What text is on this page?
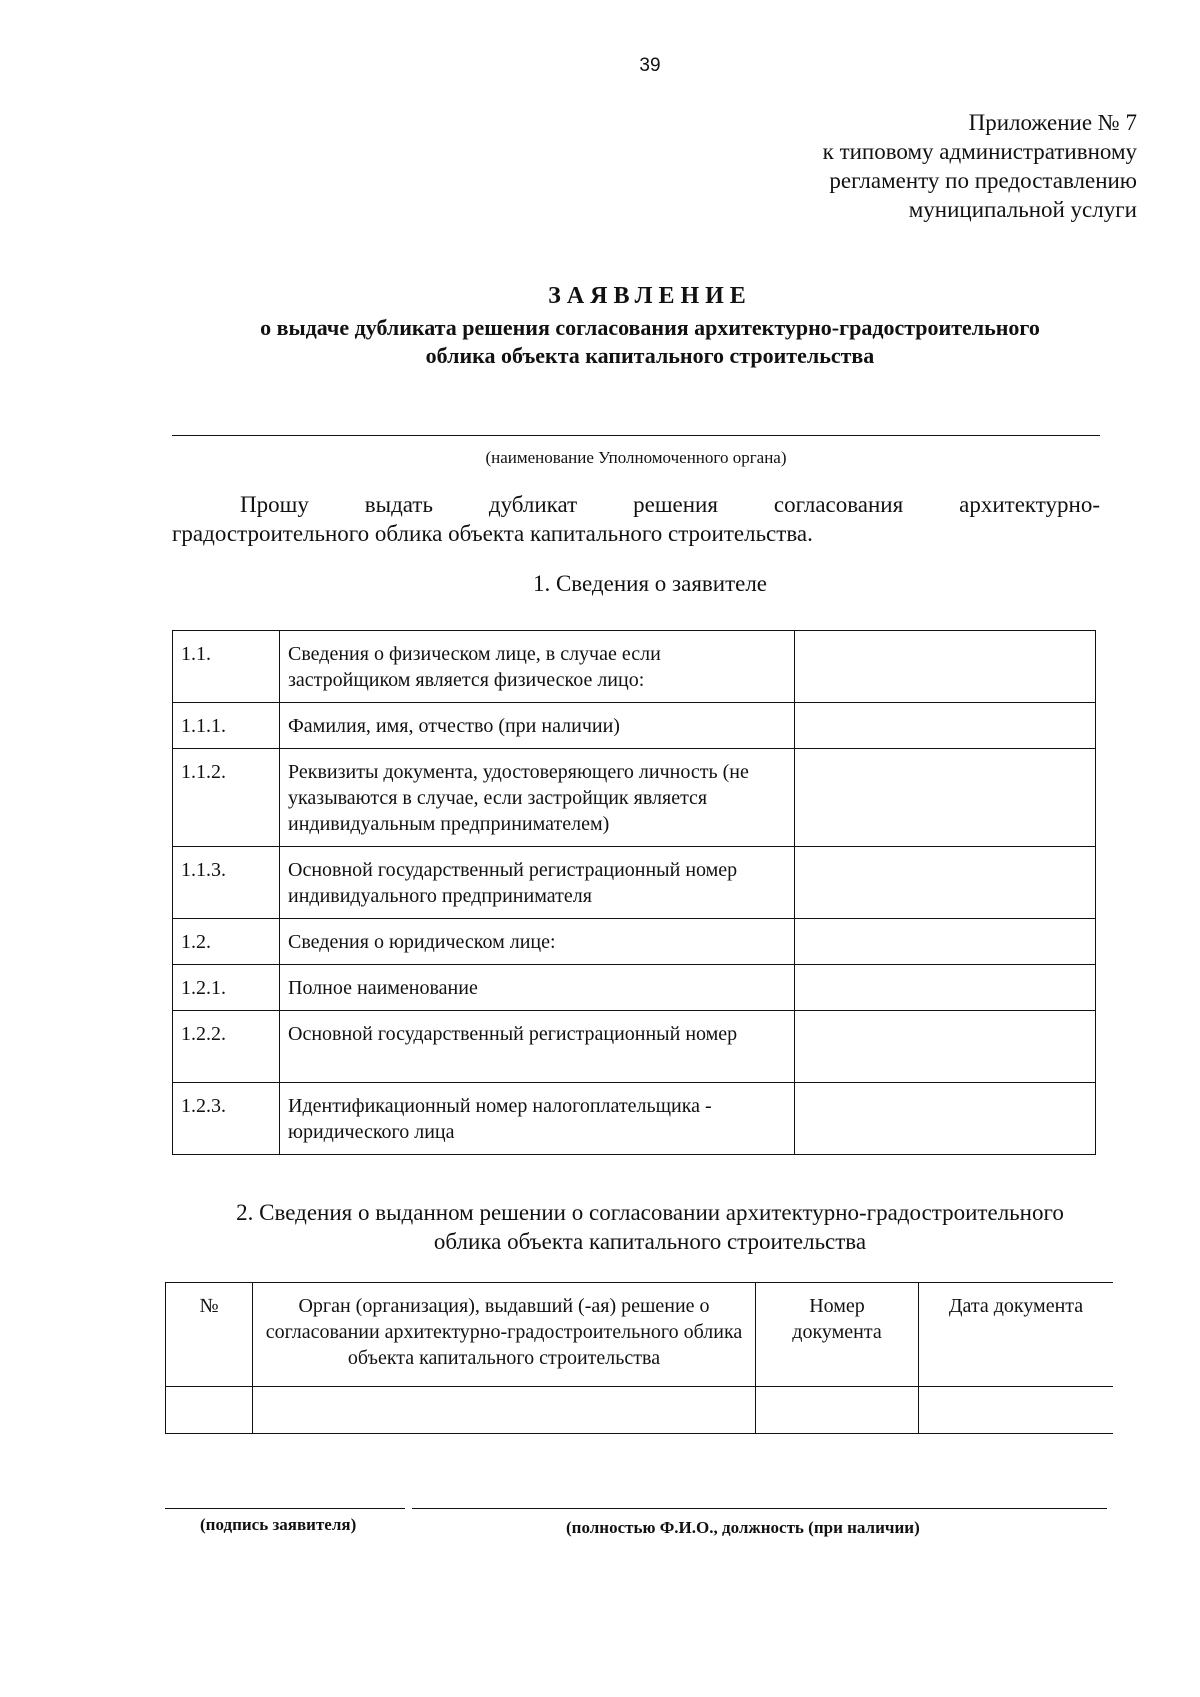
39
Приложение № 7
к типовому административному
регламенту по предоставлению
муниципальной услуги
ЗАЯВЛЕНИЕ
о выдаче дубликата решения согласования архитектурно-градостроительного
облика объекта капитального строительства
(наименование Уполномоченного органа)
Прошу выдать дубликат решения согласования архитектурно-
градостроительного облика объекта капитального строительства.
1. Сведения о заявителе
1.1.	Сведения о физическом лице, в случае если застройщиком является физическое лицо:	
1.1.1.	Фамилия, имя, отчество (при наличии)	
1.1.2.	Реквизиты документа, удостоверяющего личность (не указываются в случае, если застройщик является индивидуальным предпринимателем)	
1.1.3.	Основной государственный регистрационный номер индивидуального предпринимателя	
1.2.	Сведения о юридическом лице:	
1.2.1.	Полное наименование	
1.2.2.	Основной государственный регистрационный номер	
1.2.3.	Идентификационный номер налогоплательщика - юридического лица	
2. Сведения о выданном решении о согласовании архитектурно-градостроительного
облика объекта капитального строительства
№	Орган (организация), выдавший (-ая) решение о согласовании архитектурно-градостроительного облика объекта капитального строительства	Номер документа	Дата документа

(подпись заявителя)	(полностью Ф.И.О., должность (при наличии)
